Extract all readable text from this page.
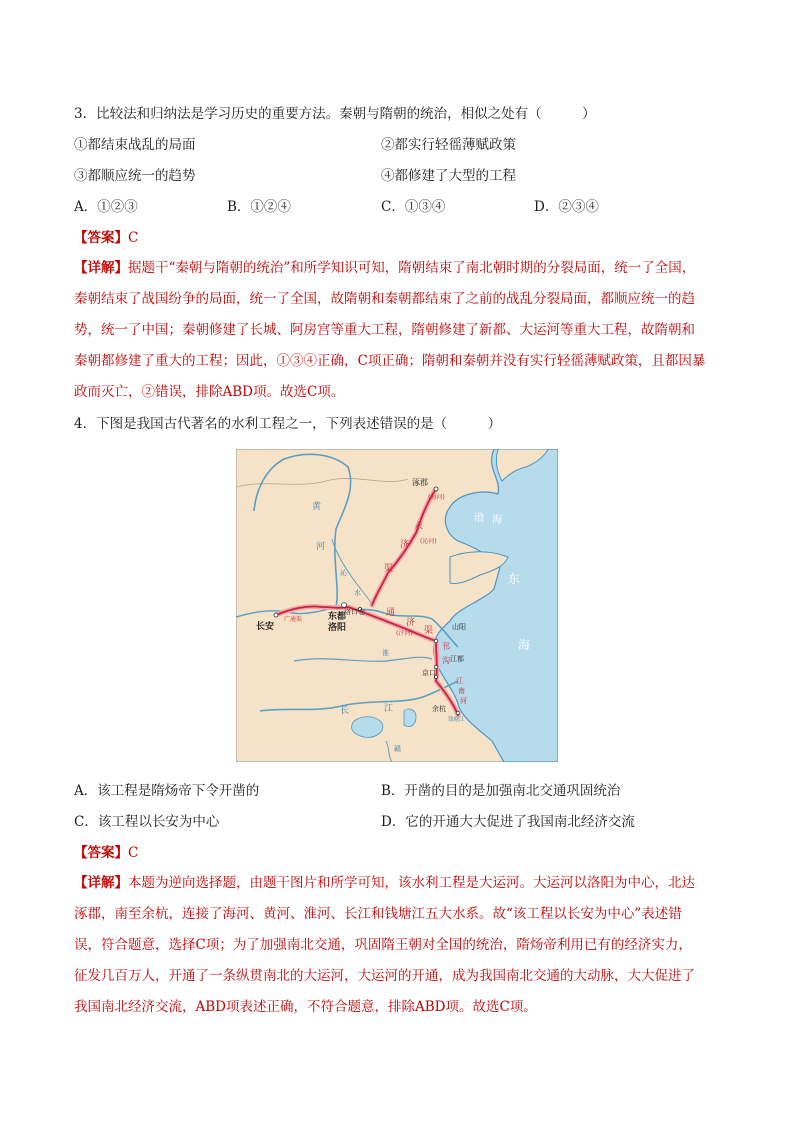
3．比较法和归纳法是学习历史的重要方法。秦朝与隋朝的统治，相似之处有（　　　）
①都结束战乱的局面	②都实行轻徭薄赋政策
③都顺应统一的趋势	④都修建了大型的工程
A．①②③	B．①②④	C．①③④	D．②③④
【答案】C
【详解】据题干“秦朝与隋朝的统治”和所学知识可知，隋朝结束了南北朝时期的分裂局面，统一了全国，
秦朝结束了战国纷争的局面，统一了全国，故隋朝和秦朝都结束了之前的战乱分裂局面，都顺应统一的趋
势，统一了中国；秦朝修建了长城、阿房宫等重大工程，隋朝修建了新都、大运河等重大工程，故隋朝和
秦朝都修建了重大的工程；因此，①③④正确，C项正确；隋朝和秦朝并没有实行轻徭薄赋政策，且都因暴
政而灭亡，②错误，排除ABD项。故选C项。
4．下图是我国古代著名的水利工程之一，下列表述错误的是（　　　）
涿郡
(海河)
渤 海
永
济
渠
(沁河)
黄
河
沁
水
东
海
长安
广通渠	东都
洛阳
洛口仓 通
济
渠
(汴河)
山阳
邗
沟
淮
江都
京口
江
南
河
长	江	余杭
钱塘江
赣
A．该工程是隋炀帝下令开凿的	B．开凿的目的是加强南北交通巩固统治
C．该工程以长安为中心	D．它的开通大大促进了我国南北经济交流
【答案】C
【详解】本题为逆向选择题，由题干图片和所学可知，该水利工程是大运河。大运河以洛阳为中心，北达
涿郡，南至余杭，连接了海河、黄河、淮河、长江和钱塘江五大水系。故“该工程以长安为中心”表述错
误，符合题意，选择C项；为了加强南北交通，巩固隋王朝对全国的统治，隋炀帝利用已有的经济实力，
征发几百万人，开通了一条纵贯南北的大运河，大运河的开通，成为我国南北交通的大动脉，大大促进了
我国南北经济交流，ABD项表述正确，不符合题意，排除ABD项。故选C项。
